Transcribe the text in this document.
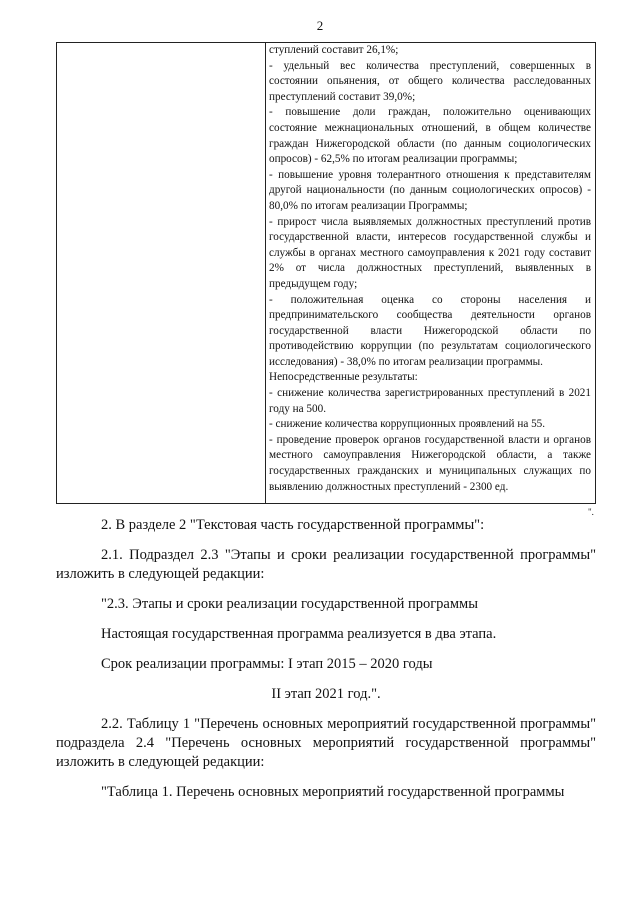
2

ступлений составит 26,1%;

- удельный вес количества преступлений, совершенных в состоянии опьянения, от общего количества расследованных преступлений составит 39,0%;

- повышение доли граждан, положительно оценивающих состояние межнациональных отношений, в общем количестве граждан Нижегородской области (по данным социологических опросов) - 62,5% по итогам реализации программы;

- повышение уровня толерантного отношения к представителям другой национальности (по данным социологических опросов) - 80,0% по итогам реализации Программы;

- прирост числа выявляемых должностных преступлений против государственной власти, интересов государственной службы и службы в органах местного самоуправления к 2021 году составит 2% от числа должностных преступлений, выявленных в предыдущем году;

- положительная оценка со стороны населения и предпринимательского сообщества деятельности органов государственной власти Нижегородской области по противодействию коррупции (по результатам социологического исследования) - 38,0% по итогам реализации программы.

Непосредственные результаты:

- снижение количества зарегистрированных преступлений в 2021 году на 500.

- снижение количества коррупционных проявлений на 55.

- проведение проверок органов государственной власти и органов местного самоуправления Нижегородской области, а также государственных гражданских и муниципальных служащих по выявлению должностных преступлений - 2300 ед.

".

2. В разделе 2 "Текстовая часть государственной программы":

2.1. Подраздел 2.3 "Этапы и сроки реализации государственной программы" изложить в следующей редакции:

"2.3. Этапы и сроки реализации государственной программы

Настоящая государственная программа реализуется в два этапа.

Срок реализации программы: I этап 2015 – 2020 годы

II этап 2021 год.".

2.2. Таблицу 1 "Перечень основных мероприятий государственной программы" подраздела 2.4 "Перечень основных мероприятий государственной программы" изложить в следующей редакции:

"Таблица 1. Перечень основных мероприятий государственной программы
